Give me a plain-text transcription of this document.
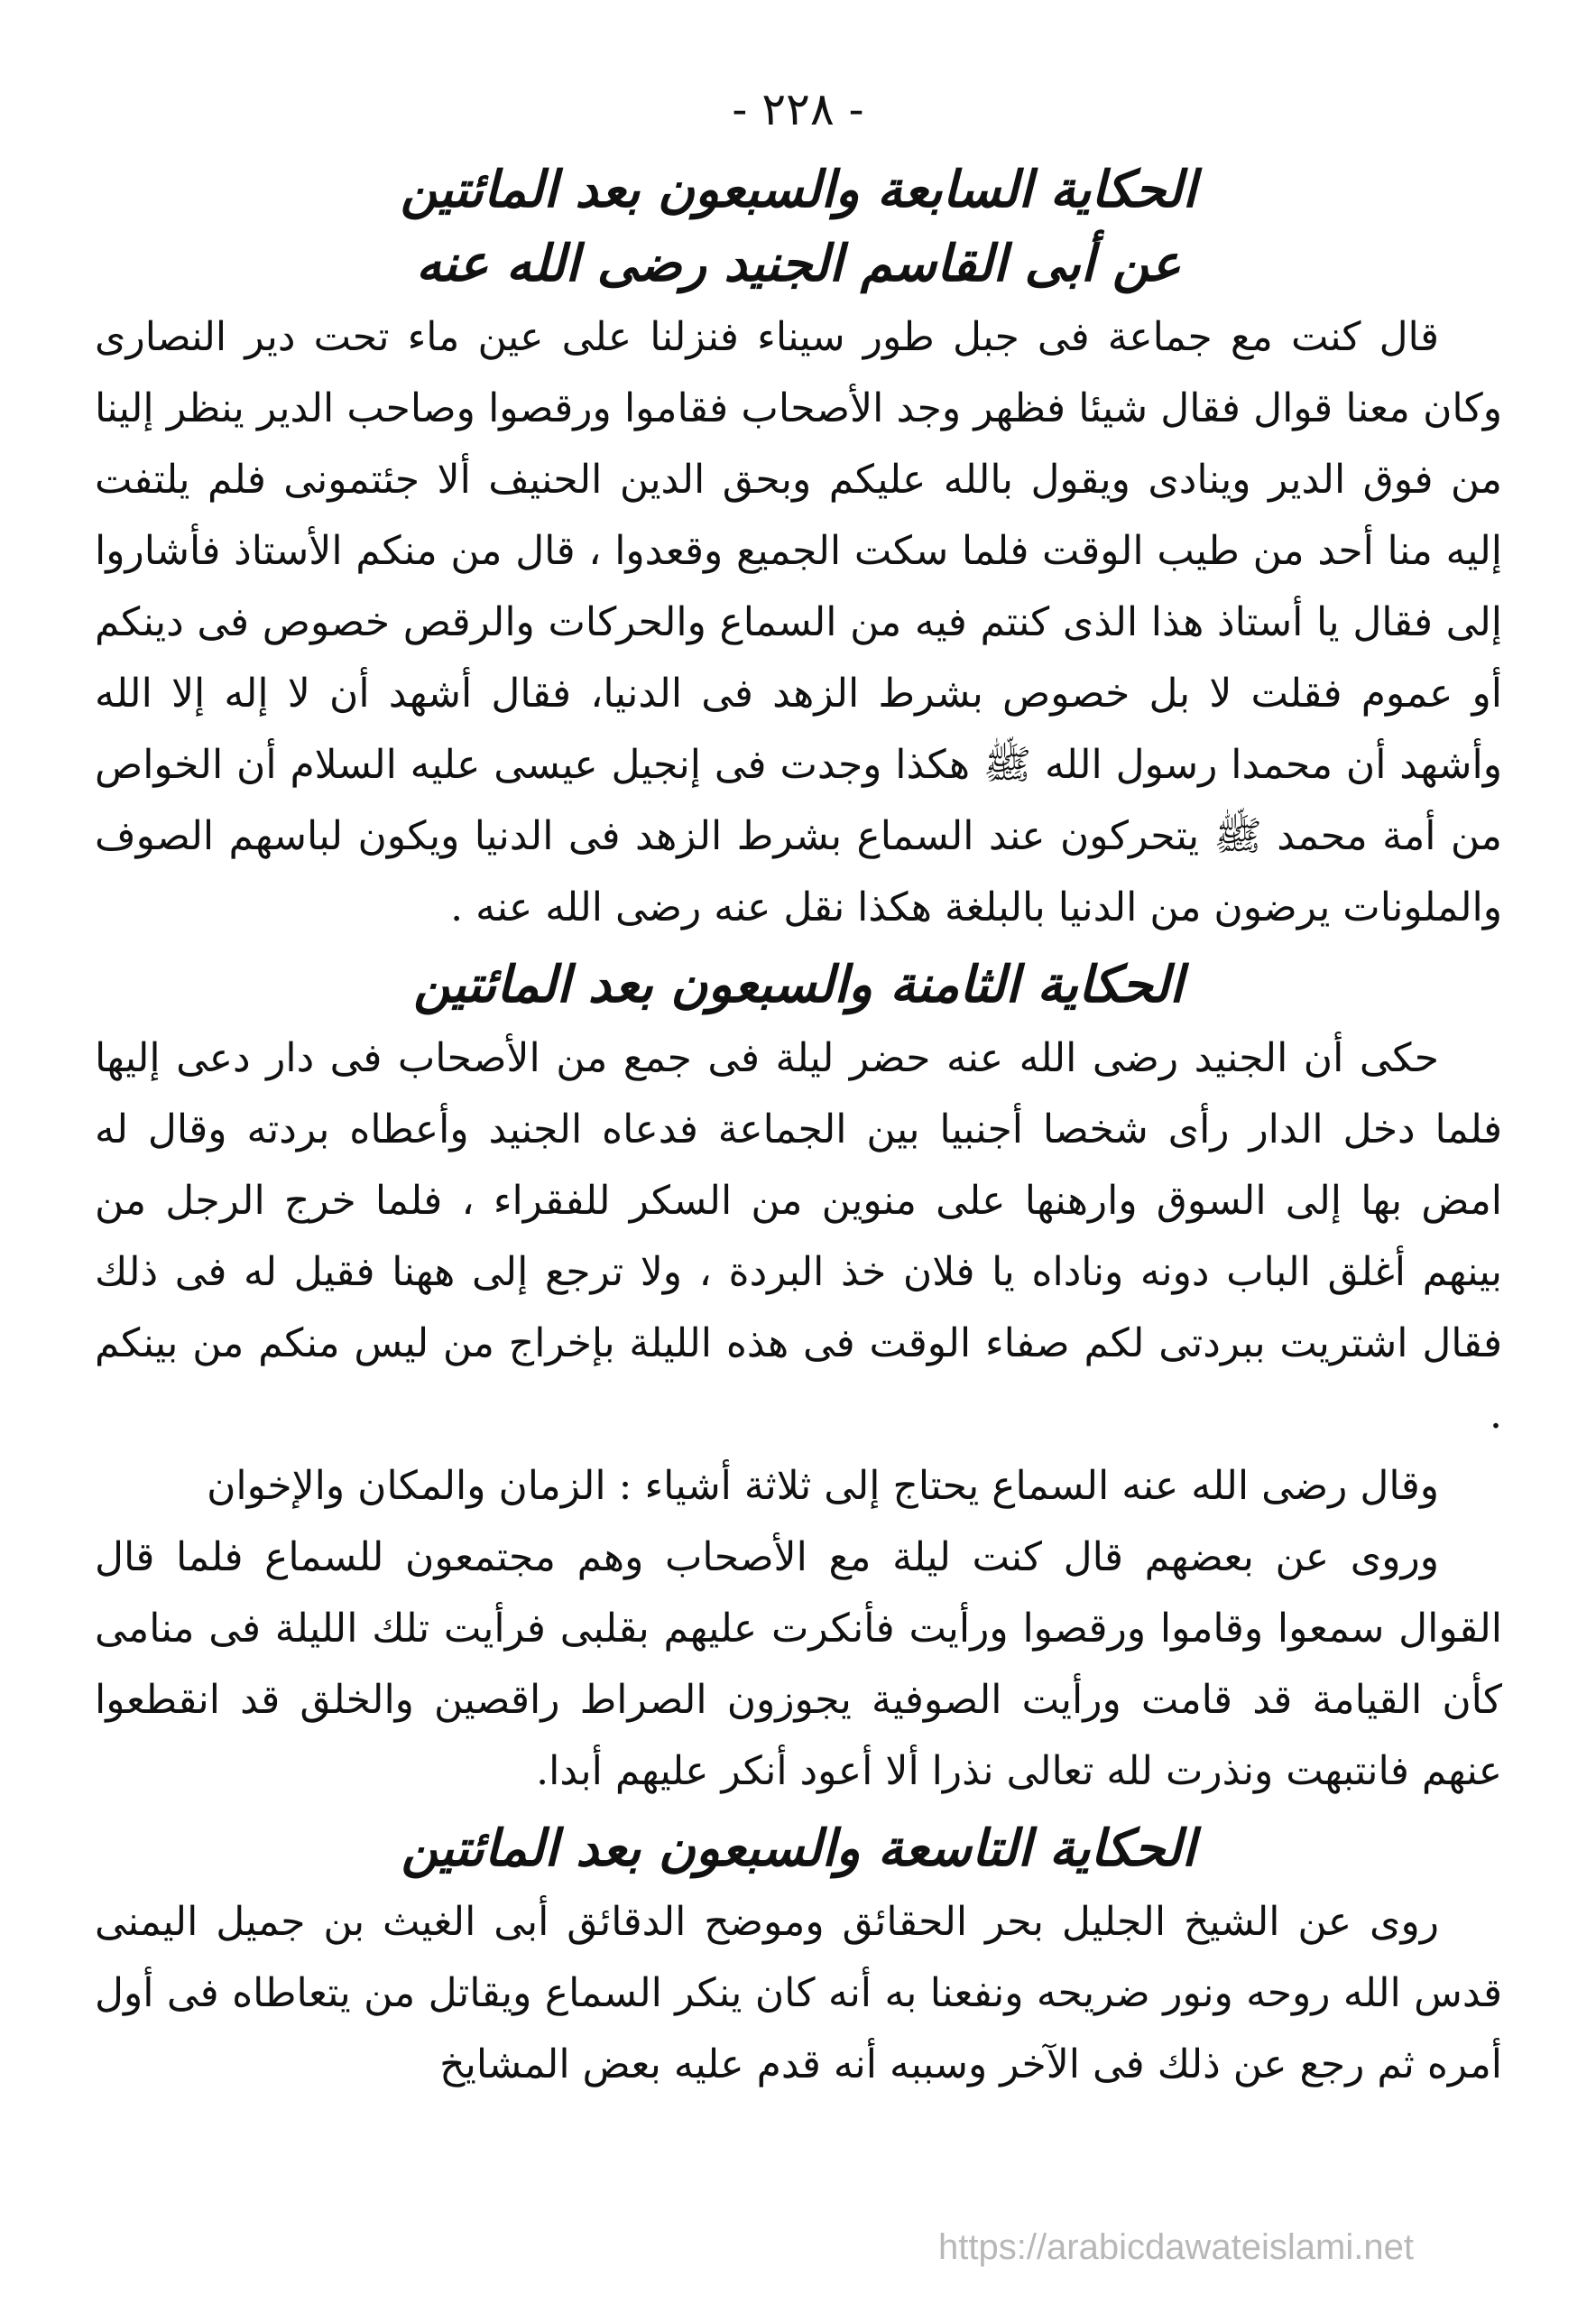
- ٢٢٨ -
الحكاية السابعة والسبعون بعد المائتين
عن أبى القاسم الجنيد رضى الله عنه

قال كنت مع جماعة فى جبل طور سيناء فنزلنا على عين ماء تحت دير النصارى وكان معنا قوال فقال شيئا فظهر وجد الأصحاب فقاموا ورقصوا وصاحب الدير ينظر إلينا من فوق الدير وينادى ويقول بالله عليكم وبحق الدين الحنيف ألا جئتمونى فلم يلتفت إليه منا أحد من طيب الوقت فلما سكت الجميع وقعدوا ، قال من منكم الأستاذ فأشاروا إلى فقال يا أستاذ هذا الذى كنتم فيه من السماع والحركات والرقص خصوص فى دينكم أو عموم فقلت لا بل خصوص بشرط الزهد فى الدنيا، فقال أشهد أن لا إله إلا الله وأشهد أن محمدا رسول الله ﷺ هكذا وجدت فى إنجيل عيسى عليه السلام أن الخواص من أمة محمد ﷺ يتحركون عند السماع بشرط الزهد فى الدنيا ويكون لباسهم الصوف والملونات يرضون من الدنيا بالبلغة هكذا نقل عنه رضى الله عنه .

الحكاية الثامنة والسبعون بعد المائتين

حكى أن الجنيد رضى الله عنه حضر ليلة فى جمع من الأصحاب فى دار دعى إليها فلما دخل الدار رأى شخصا أجنبيا بين الجماعة فدعاه الجنيد وأعطاه بردته وقال له امض بها إلى السوق وارهنها على منوين من السكر للفقراء ، فلما خرج الرجل من بينهم أغلق الباب دونه وناداه يا فلان خذ البردة ، ولا ترجع إلى ههنا فقيل له فى ذلك فقال اشتريت ببردتى لكم صفاء الوقت فى هذه الليلة بإخراج من ليس منكم من بينكم .

وقال رضى الله عنه السماع يحتاج إلى ثلاثة أشياء : الزمان والمكان والإخوان

وروى عن بعضهم قال كنت ليلة مع الأصحاب وهم مجتمعون للسماع فلما قال القوال سمعوا وقاموا ورقصوا ورأيت فأنكرت عليهم بقلبى فرأيت تلك الليلة فى منامى كأن القيامة قد قامت ورأيت الصوفية يجوزون الصراط راقصين والخلق قد انقطعوا عنهم فانتبهت ونذرت لله تعالى نذرا ألا أعود أنكر عليهم أبدا.

الحكاية التاسعة والسبعون بعد المائتين

روى عن الشيخ الجليل بحر الحقائق وموضح الدقائق أبى الغيث بن جميل اليمنى قدس الله روحه ونور ضريحه ونفعنا به أنه كان ينكر السماع ويقاتل من يتعاطاه فى أول أمره ثم رجع عن ذلك فى الآخر وسببه أنه قدم عليه بعض المشايخ

https://arabicdawateislami.net
